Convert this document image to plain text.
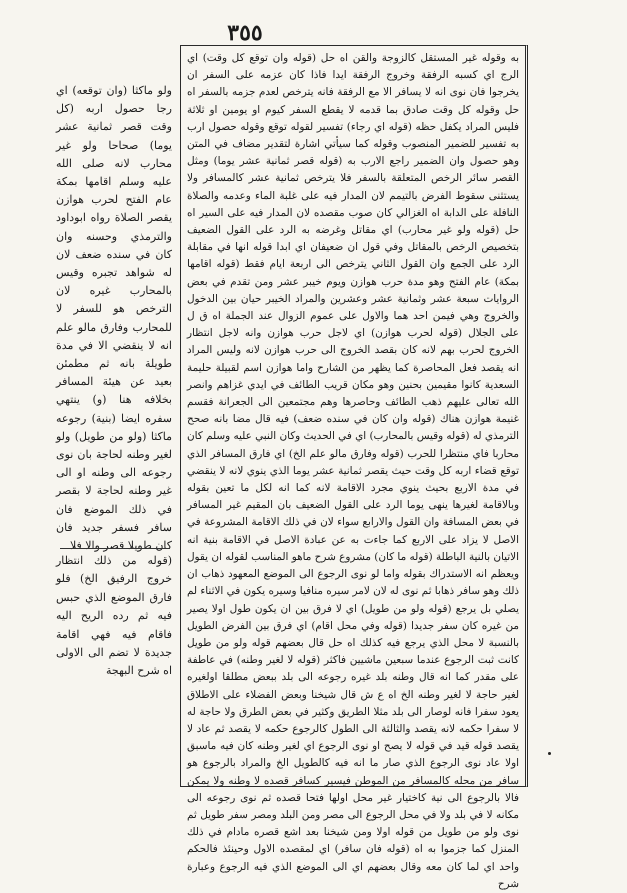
٣٥٥
به وقوله غير المستقل كالزوجة والقن اه حل (قوله وان توقع كل وقت) اي الرج اي كسبه الرفقة وخروج الرفقة ايدا فاذا كان عزمه على السفر ان يخرجوا فان نوى انه لا يسافر الا مع الرفقة فانه يترخص لعدم جزمه بالسفر اه حل وقوله كل وقت صادق بما قدمه لا يقطع السفر كيوم او يومين او ثلاثة فليس المراد يكفل حظه (قوله اي رجاء) تفسير لقوله توقع وقوله حصول ارب به تفسير للضمير المنصوب وقوله كما سيأتي اشارة لتقدير مضاف في المتن وهو حصول وان الضمير راجع الارب به (قوله قصر ثمانية عشر يوما) ومثل القصر سائر الرخص المتعلقة بالسفر فلا يترخص ثمانية عشر كالمسافر ولا يستثنى سقوط الفرض بالتيمم لان المدار فيه على غلبة الماء وعدمه والصلاة النافلة على الدابة اه الغزالي كان صوب مقصده لان المدار فيه على السير اه حل (قوله ولو غير محارب) اي مقاتل وغرضه به الرد على القول الضعيف بتخصيص الرخص بالمقاتل وفي قول ان ضعيفان اي ابدا قوله انها في مقابلة الرد على الجمع وان القول الثاني يترخص الى اربعة ايام فقط (قوله اقامها بمكة) عام الفتح وهو مدة حرب هوازن ويوم خيبر عشر ومن تقدم في بعض الروايات سبعة عشر وثمانية عشر وعشرين والمراد الخيبر حيان بين الدخول والخروج وهي فيمن احد هما والاول على عموم الزوال عند الجملة اه ق ل على الجلال (قوله لحرب هوازن) اي لاجل حرب هوازن وانه لاجل انتظار الخروج لحرب بهم لانه كان بقصد الخروج الى حرب هوازن لانه وليس المراد انه يقصد فعل المحاصرة كما يظهر من الشارح واما هوازن اسم لقبيلة حليمة السعدية كانوا مقيمين بحنين وهو مكان قريب الطائف في ايدي غزاهم وانصر الله تعالى عليهم ذهب الطائف وحاصرها وهم مجتمعين الى الجعرانة فقسم غنيمة هوازن هناك (قوله وان كان في سنده ضعف) فيه قال مضا بانه صحح الترمذي له (قوله وقيس بالمحارب) اي في الحديث وكان النبي عليه وسلم كان محاربا فاي منتظرا للحرب (قوله وفارق مالو علم الخ) اي فارق المسافر الذي توقع قضاء اربه كل وقت حيث يقصر ثمانية عشر يوما الذي ينوي لانه لا ينقضي في مدة الاربع بحيث ينوي مجرد الاقامة لانه كما انه لكل ما تعين بقوله وبالاقامة لغيرها ينهى يوما الرد على القول الضعيف بان المقيم غير المسافر في بعض المسافة وان القول والارابع سواء لان في ذلك الاقامة المشروعة في الاصل لا يزاد على الاربع كما جاءت به عن عبادة الاصل في الاقامة بنية انه الاتيان بالنية الباطلة (قوله ما كان) مشروع شرح ماهو المناسب لقوله ان يقول ويعظم انه الاستدراك بقوله واما لو نوى الرجوع الى الموضع المعهود ذهاب ان ذلك وهو سافر ذهابا ثم نوى له لان لامر سيره منافيا وسيره يكون في الاثناء لم يصلي بل يرجع (قوله ولو من طويل) اي لا فرق بين ان يكون طول اولا يصير من غيره كان سفر جديدا (قوله وفي محل اقام) اي فرق بين الفرض الطويل بالنسبة لا محل الذي يرجع فيه كذلك اه حل قال بعضهم قوله ولو من طويل كانت ثبت الرجوع عندما سبعين ماشيين فاكثر (قوله لا لغير وطنه) في عاطفة على مقدر كما انه قال وطنه بلد غيره رجوعه الى بلد ببعض مطلقا اولغيره لغير حاجة لا لغير وطنه الخ اه ع ش قال شيخنا وبعض الفضلاء على الاطلاق يعود سفرا فانه لوصار الى بلد مثلا الطريق وكثير في بعض الطرق ولا حاجة له لا سفرا حكمه لانه يقصد والثالثة الى الطول كالرجوع حكمه لا يقصد ثم عاد لا يقصد قوله قيد في قوله لا يصح او نوى الرجوع اي لغير وطنه كان فيه ماسبق اولا عاد نوى الرجوع الذي صار ما انه فيه كالطويل الخ والمراد بالرجوع هو سافر من محله كالمسافر من الموطن فيسير كسافر قصده لا وطنه ولا يمكن فالا بالرجوع الى نية كاختيار غير محل اولها فتحا قصده ثم نوى رجوعه الى مكانه لا في بلد ولا في محل الرجوع الى مصر ومن البلد ومصر سفر طويل ثم نوى ولو من طويل من قوله اولا ومن شيخنا بعد اشع قصره مادام في ذلك المنزل كما جزموا به اه (قوله فان سافر) اي لمقصده الاول وحينئذ فالحكم واحد اي لما كان معه وقال بعضهم اي الى الموضع الذي فيه الرجوع وعبارة شرح
ولو ماكثا (وان توقعه) اي رجا حصول اربه (كل وقت قصر ثمانية عشر يوما) صحاحا ولو غير محارب لانه صلى الله عليه وسلم اقامها بمكة عام الفتح لحرب هوازن يقصر الصلاة رواه ابوداود والترمذي وحسنه وان كان في سنده ضعف لان له شواهد تجبره وقيس بالمحارب غيره لان الترخص هو للسفر لا للمحارب وفارق مالو علم انه لا ينقضي الا في مدة طويلة بانه ثم مطمئن بعيد عن هيئة المسافر بخلافه هنا (و) ينتهي سفره ايضا (بنية) رجوعه ماكثا (ولو من طويل) ولو لغير وطنه لحاجة بان نوى رجوعه الى وطنه او الى غير وطنه لحاجة لا بقصر في ذلك الموضع فان سافر فسفر جديد فان كان طويلا قصر والا فلا
(قوله من ذلك انتظار خروج الرفيق الخ) فلو فارق الموضع الذي حبس فيه ثم رده الريح اليه فاقام فيه فهي اقامة جديدة لا تضم الى الاولى اه شرح البهجة
